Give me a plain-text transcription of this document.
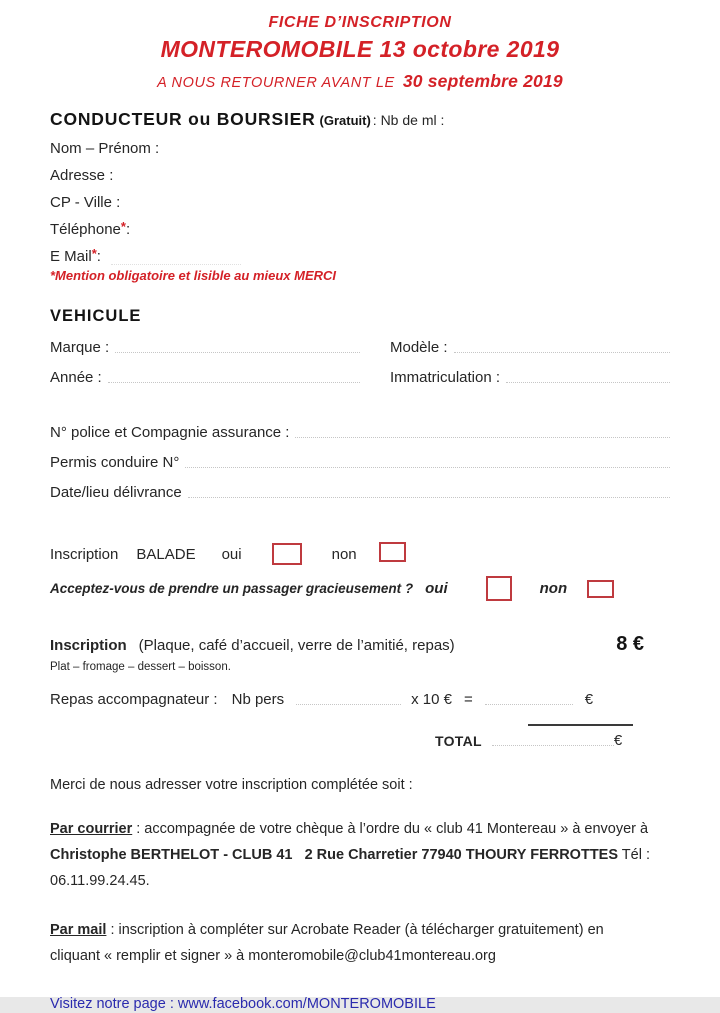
FICHE D’INSCRIPTION
MONTEROMOBILE 13 octobre 2019
A NOUS RETOURNER AVANT LE 30 septembre 2019
CONDUCTEUR ou BOURSIER (Gratuit) : Nb de ml :
Nom – Prénom :
Adresse :
CP - Ville :
Téléphone * :
E Mail * :
*Mention obligatoire et lisible au mieux MERCI
VEHICULE
Marque :	Modèle :
Année :	Immatriculation :
N° police et Compagnie assurance :
Permis conduire N°
Date/lieu délivrance
Inscription BALADE oui	non
Acceptez-vous de prendre un passager gracieusement ? oui	non
Inscription (Plaque, café d’accueil, verre de l’amitié, repas)	8 €
Plat – fromage – dessert – boisson.
Repas accompagnateur : Nb pers	x 10 € =	€
TOTAL	€
Merci de nous adresser votre inscription complétée soit :
Par courrier : accompagnée de votre chèque à l’ordre du « club 41 Montereau » à envoyer à Christophe BERTHELOT - CLUB 41   2 Rue Charretier 77940 THOURY FERROTTES Tél : 06.11.99.24.45.
Par mail : inscription à compléter sur Acrobate Reader (à télécharger gratuitement) en cliquant « remplir et signer » à monteromobile@club41montereau.org
Visitez notre page : www.facebook.com/MONTEROMOBILE
